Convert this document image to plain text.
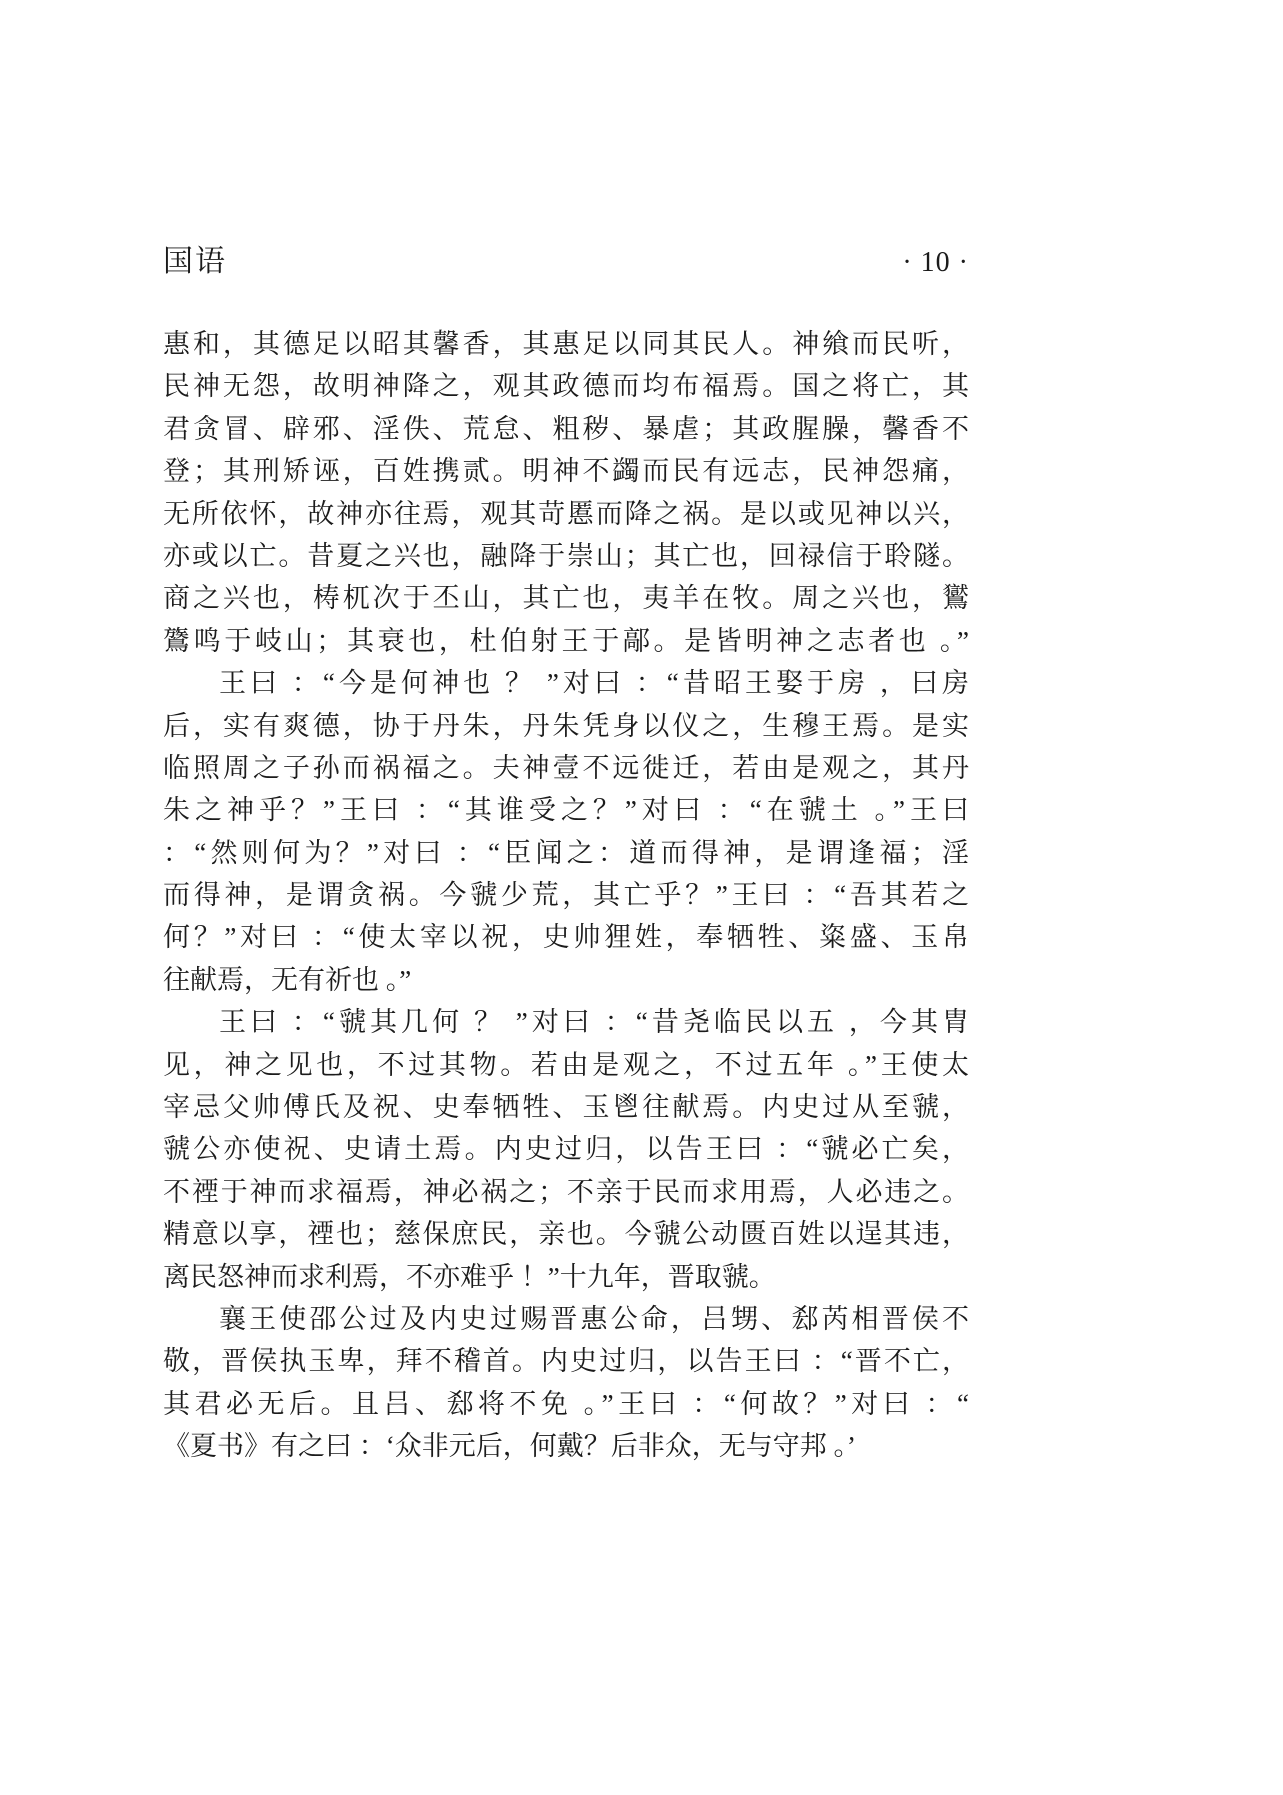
国语	· 10 ·
惠和，其德足以昭其馨香，其惠足以同其民人。神飨而民听，
民神无怨，故明神降之，观其政德而均布福焉。国之将亡，其
君贪冒、辟邪、淫佚、荒怠、粗秽、暴虐；其政腥臊，馨香不
登；其刑矫诬，百姓携贰。明神不蠲而民有远志，民神怨痛，
无所依怀，故神亦往焉，观其苛慝而降之祸。是以或见神以兴，
亦或以亡。昔夏之兴也，融降于崇山；其亡也，回禄信于聆隧。
商之兴也，梼杌次于丕山，其亡也，夷羊在牧。周之兴也，鸑
鷟鸣于岐山；其衰也，杜伯射王于鄗。是皆明神之志者也 。”
王曰 ：“今是何神也 ？ ”对曰 ：“昔昭王娶于房 ，曰房
后，实有爽德，协于丹朱，丹朱凭身以仪之，生穆王焉。是实
临照周之子孙而祸福之。夫神壹不远徙迁，若由是观之，其丹
朱之神乎？”王曰 ：“其谁受之？”对曰 ：“在虢土 。”王曰
：“然则何为？”对曰 ：“臣闻之：道而得神，是谓逢福；淫
而得神，是谓贪祸。今虢少荒，其亡乎？”王曰 ：“吾其若之
何？”对曰 ：“使太宰以祝，史帅狸姓，奉牺牲、粢盛、玉帛
往献焉，无有祈也 。”
王曰 ：“虢其几何 ？ ”对曰 ：“昔尧临民以五 ，今其胄
见，神之见也，不过其物。若由是观之，不过五年 。”王使太
宰忌父帅傅氏及祝、史奉牺牲、玉鬯往献焉。内史过从至虢，
虢公亦使祝、史请土焉。内史过归，以告王曰 ：“虢必亡矣，
不禋于神而求福焉，神必祸之；不亲于民而求用焉，人必违之。
精意以享，禋也；慈保庶民，亲也。今虢公动匮百姓以逞其违，
离民怒神而求利焉，不亦难乎 ！”十九年，晋取虢。
襄王使邵公过及内史过赐晋惠公命，吕甥、郄芮相晋侯不
敬，晋侯执玉卑，拜不稽首。内史过归，以告王曰 ：“晋不亡，
其君必无后。且吕、郄将不免 。”王曰 ：“何故？”对曰 ：“
《夏书》有之曰 ：‘众非元后，何戴？后非众，无与守邦 。’
